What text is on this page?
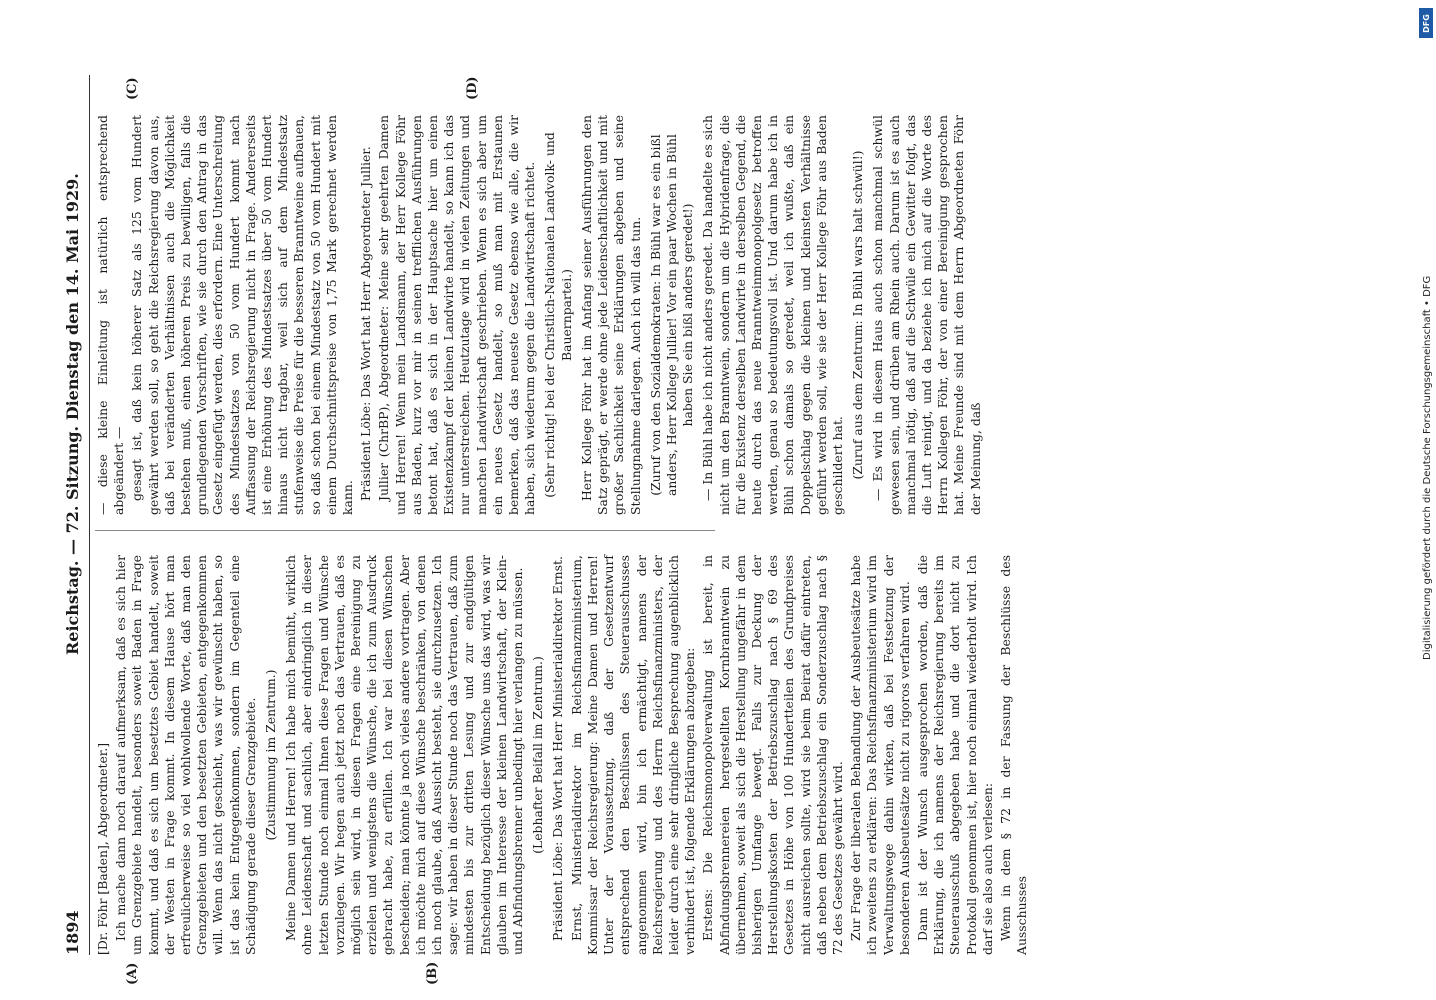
1894
Reichstag. — 72. Sitzung. Dienstag den 14. Mai 1929.

[Dr. Föhr [Baden], Abgeordneter.] Ich mache dann noch darauf aufmerksam, daß es sich hier um Grenzgebiete handelt, besonders soweit Baden in Frage kommt, und daß es sich um besetztes Gebiet handelt, soweit der Westen in Frage kommt. In diesem Hause hört man erfreulicherweise so viel wohlwollende Worte, daß man den Grenzgebieten und den besetzten Gebieten, entgegenkommen will. Wenn das nicht geschieht, was wir gewünscht haben, so ist das kein Entgegenkommen, sondern im Gegenteil eine Schädigung gerade dieser Grenzgebiete. (Zustimmung im Zentrum.) Meine Damen und Herren! Ich habe mich bemüht, wirklich ohne Leidenschaft und sachlich, aber eindringlich in dieser letzten Stunde noch einmal Ihnen diese Fragen und Wünsche vorzulegen. Wir hegen auch jetzt noch das Vertrauen, daß es möglich sein wird, in diesen Fragen eine Bereinigung zu erzielen und wenigstens die Wünsche, die ich zum Ausdruck gebracht habe, zu erfüllen. Ich war bei diesen Wünschen bescheiden; man könnte ja noch vieles andere vortragen. Aber ich möchte mich auf diese Wünsche beschränken, von denen ich noch glaube, daß Aussicht besteht, sie durchzusetzen. Ich sage: wir haben in dieser Stunde noch das Vertrauen, daß zum mindesten bis zur dritten Lesung und zur endgültigen Entscheidung bezüglich dieser Wünsche uns das wird, was wir glauben im Interesse der kleinen Landwirtschaft, der Klein- und Abfindungsbrenner unbedingt hier verlangen zu müssen. (Lebhafter Beifall im Zentrum.) Präsident Löbe: Das Wort hat Herr Ministerialdirektor Ernst. Ernst, Ministerialdirektor im Reichsfinanzministerium, Kommissar der Reichsregierung: Meine Damen und Herren! Unter der Voraussetzung, daß der Gesetzentwurf entsprechend den Beschlüssen des Steuerausschusses angenommen wird, bin ich ermächtigt, namens der Reichsregierung und des Herrn Reichsfinanzministers, der leider durch eine sehr dringliche Besprechung augenblicklich verhindert ist, folgende Erklärungen abzugeben: Erstens: Die Reichsmonopolverwaltung ist bereit, in Abfindungsbrennereien hergestellten Kornbranntwein zu übernehmen, soweit als sich die Herstellung ungefähr in dem bisherigen Umfange bewegt. Falls zur Deckung der Herstellungskosten der Betriebszuschlag nach § 69 des Gesetzes in Höhe von 100 Hundertteilen des Grundpreises nicht ausreichen sollte, wird sie beim Beirat dafür eintreten, daß neben dem Betriebszuschlag ein Sonderzuschlag nach § 72 des Gesetzes gewährt wird. Zur Frage der liberalen Behandlung der Ausbeutesätze habe ich zweitens zu erklären: Das Reichsfinanzministerium wird im Verwaltungswege dahin wirken, daß bei Festsetzung der besonderen Ausbeutesätze nicht zu rigoros verfahren wird. Dann ist der Wunsch ausgesprochen worden, daß die Erklärung, die ich namens der Reichsregierung bereits im Steuerausschuß abgegeben habe und die dort nicht zu Protokoll genommen ist, hier noch einmal wiederholt wird. Ich darf sie also auch verlesen: Wenn in dem § 72 in der Fassung der Beschlüsse des Ausschusses

— diese kleine Einleitung ist natürlich entsprechend abgeändert — gesagt ist, daß kein höherer Satz als 125 vom Hundert gewährt werden soll, so geht die Reichsregierung davon aus, daß bei veränderten Verhältnissen auch die Möglichkeit bestehen muß, einen höheren Preis zu bewilligen, falls die grundlegenden Vorschriften, wie sie durch den Antrag in das Gesetz eingefügt werden, dies erfordern. Eine Unterschreitung des Mindestsatzes von 50 vom Hundert kommt nach Auffassung der Reichsregierung nicht in Frage. Andererseits ist eine Erhöhung des Mindestsatzes über 50 vom Hundert hinaus nicht tragbar, weil sich auf dem Mindestsatz stufenweise die Preise für die besseren Branntweine aufbauen, so daß schon bei einem Mindestsatz von 50 vom Hundert mit einem Durchschnittspreise von 1,75 Mark gerechnet werden kann. Präsident Löbe: Das Wort hat Herr Abgeordneter Jullier. Jullier (ChrBP), Abgeordneter: Meine sehr geehrten Damen und Herren! Wenn mein Landsmann, der Herr Kollege Föhr aus Baden, kurz vor mir in seinen trefflichen Ausführungen betont hat, daß es sich in der Hauptsache hier um einen Existenzkampf der kleinen Landwirte handelt, so kann ich das nur unterstreichen. Heutzutage wird in vielen Zeitungen und manchen Landwirtschaft geschrieben. Wenn es sich aber um ein neues Gesetz handelt, so muß man mit Erstaunen bemerken, daß das neueste Gesetz ebenso wie alle, die wir haben, sich wiederum gegen die Landwirtschaft richtet. (Sehr richtig! bei der Christlich-Nationalen Landvolk- und Bauernpartei.) Herr Kollege Föhr hat im Anfang seiner Ausführungen den Satz geprägt, er werde ohne jede Leidenschaftlichkeit und mit großer Sachlichkeit seine Erklärungen abgeben und seine Stellungnahme darlegen. Auch ich will das tun. (Zuruf von den Sozialdemokraten: In Bühl war es ein bißl anders, Herr Kollege Jullier! Vor ein paar Wochen in Bühl haben Sie ein bißl anders geredet!) — In Bühl habe ich nicht anders geredet. Da handelte es sich nicht um den Branntwein, sondern um die Hybridenfrage, die für die Existenz derselben Landwirte in derselben Gegend, die heute durch das neue Branntweinmonopolgesetz betroffen werden, genau so bedeutungsvoll ist. Und darum habe ich in Bühl schon damals so geredet, weil ich wußte, daß ein Doppelschlag gegen die kleinen und kleinsten Verhältnisse geführt werden soll, wie sie der Herr Kollege Föhr aus Baden geschildert hat. (Zuruf aus dem Zentrum: In Bühl wars halt schwül!) — Es wird in diesem Haus auch schon manchmal schwül gewesen sein, und drüben am Rhein auch. Darum ist es auch manchmal nötig, daß auf die Schwüle ein Gewitter folgt, das die Luft reinigt, und da beziehe ich mich auf die Worte des Herrn Kollegen Föhr, der von einer Bereinigung gesprochen hat. Meine Freunde sind mit dem Herrn Abgeordneten Föhr der Meinung, daß

(A)	(B)
(C)	(D)
DFG
Digitalisierung gefördert durch die Deutsche Forschungsgemeinschaft • DFG
